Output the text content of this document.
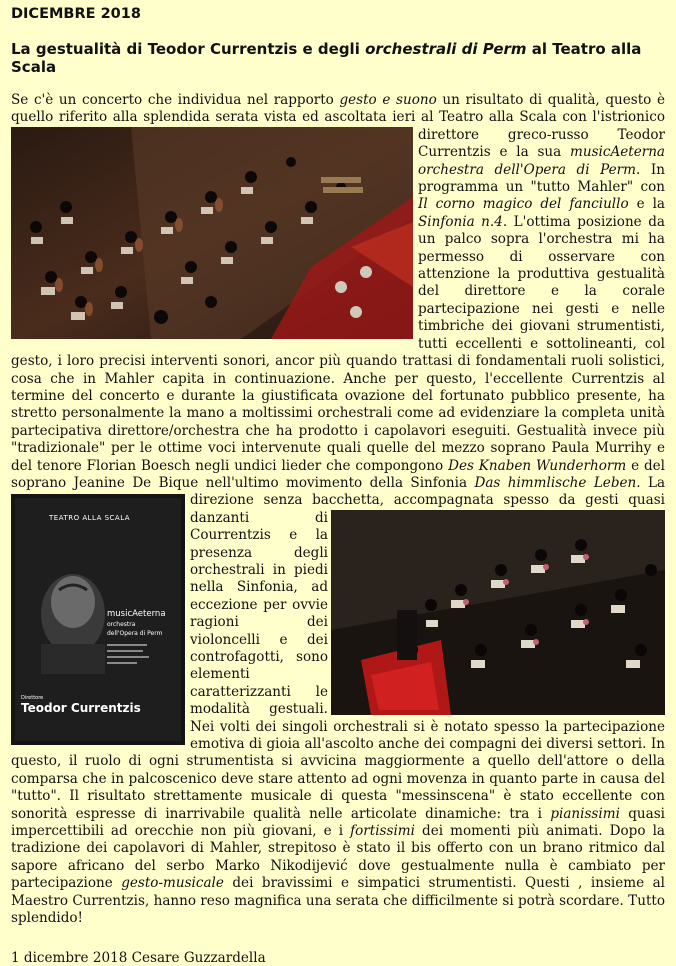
DICEMBRE 2018
La gestualità di Teodor Currentzis e degli orchestrali di Perm al Teatro alla Scala

Se c'è un concerto che individua nel rapporto gesto e suono un risultato di qualità, questo è quello riferito alla splendida serata vista ed ascoltata ieri al Teatro alla Scala con l'istrionico
direttore greco-russo Teodor Currentzis e la sua musicAeterna orchestra dell'Opera di Perm. In programma un "tutto Mahler" con Il corno magico del fanciullo e la Sinfonia n.4. L'ottima posizione da un palco sopra l'orchestra mi ha permesso di osservare con attenzione la produttiva gestualità del direttore e la corale partecipazione nei gesti e nelle timbriche dei giovani strumentisti, tutti eccellenti e sottolineanti, col gesto, i loro precisi interventi sonori, ancor più quando trattasi di fondamentali ruoli solistici, cosa che in Mahler capita in continuazione. Anche per questo, l'eccellente Currentzis al termine del concerto e durante la giustificata ovazione del fortunato pubblico presente, ha stretto personalmente la mano a moltissimi orchestrali come ad evidenziare la completa unità partecipativa direttore/orchestra che ha prodotto i capolavori eseguiti. Gestualità invece più "tradizionale" per le ottime voci intervenute quali quelle del mezzo soprano Paula Murrihy e del tenore Florian Boesch negli undici lieder che compongono Des Knaben Wunderhorm e del soprano Jeanine De Bique nell'ultimo movimento della Sinfonia Das himmlische Leben. La direzione senza bacchetta, accompagnata spesso da gesti quasi
TEATRO ALLA SCALA
musicAeterna
orchestra
dell'Opera di Perm
Direttore
Teodor Currentzis
danzanti di Courrentzis e la presenza degli orchestrali in piedi nella Sinfonia, ad eccezione per ovvie ragioni dei violoncelli e dei controfagotti, sono elementi caratterizzanti le modalità gestuali. Nei volti dei singoli orchestrali si è notato spesso la partecipazione emotiva di gioia all'ascolto anche dei compagni dei diversi settori. In questo, il ruolo di ogni strumentista si avvicina maggiormente a quello dell'attore o della comparsa che in palcoscenico deve stare attento ad ogni movenza in quanto parte in causa del "tutto". Il risultato strettamente musicale di questa "messinscena" è stato eccellente con sonorità espresse di inarrivabile qualità nelle articolate dinamiche: tra i pianissimi quasi impercettibili ad orecchie non più giovani, e i fortissimi dei momenti più animati. Dopo la tradizione dei capolavori di Mahler, strepitoso è stato il bis offerto con un brano ritmico dal sapore africano del serbo Marko Nikodijević dove gestualmente nulla è cambiato per partecipazione gesto-musicale dei bravissimi e simpatici strumentisti. Questi , insieme al Maestro Currentzis, hanno reso magnifica una serata che difficilmente si potrà scordare. Tutto splendido!

1 dicembre 2018 Cesare Guzzardella
